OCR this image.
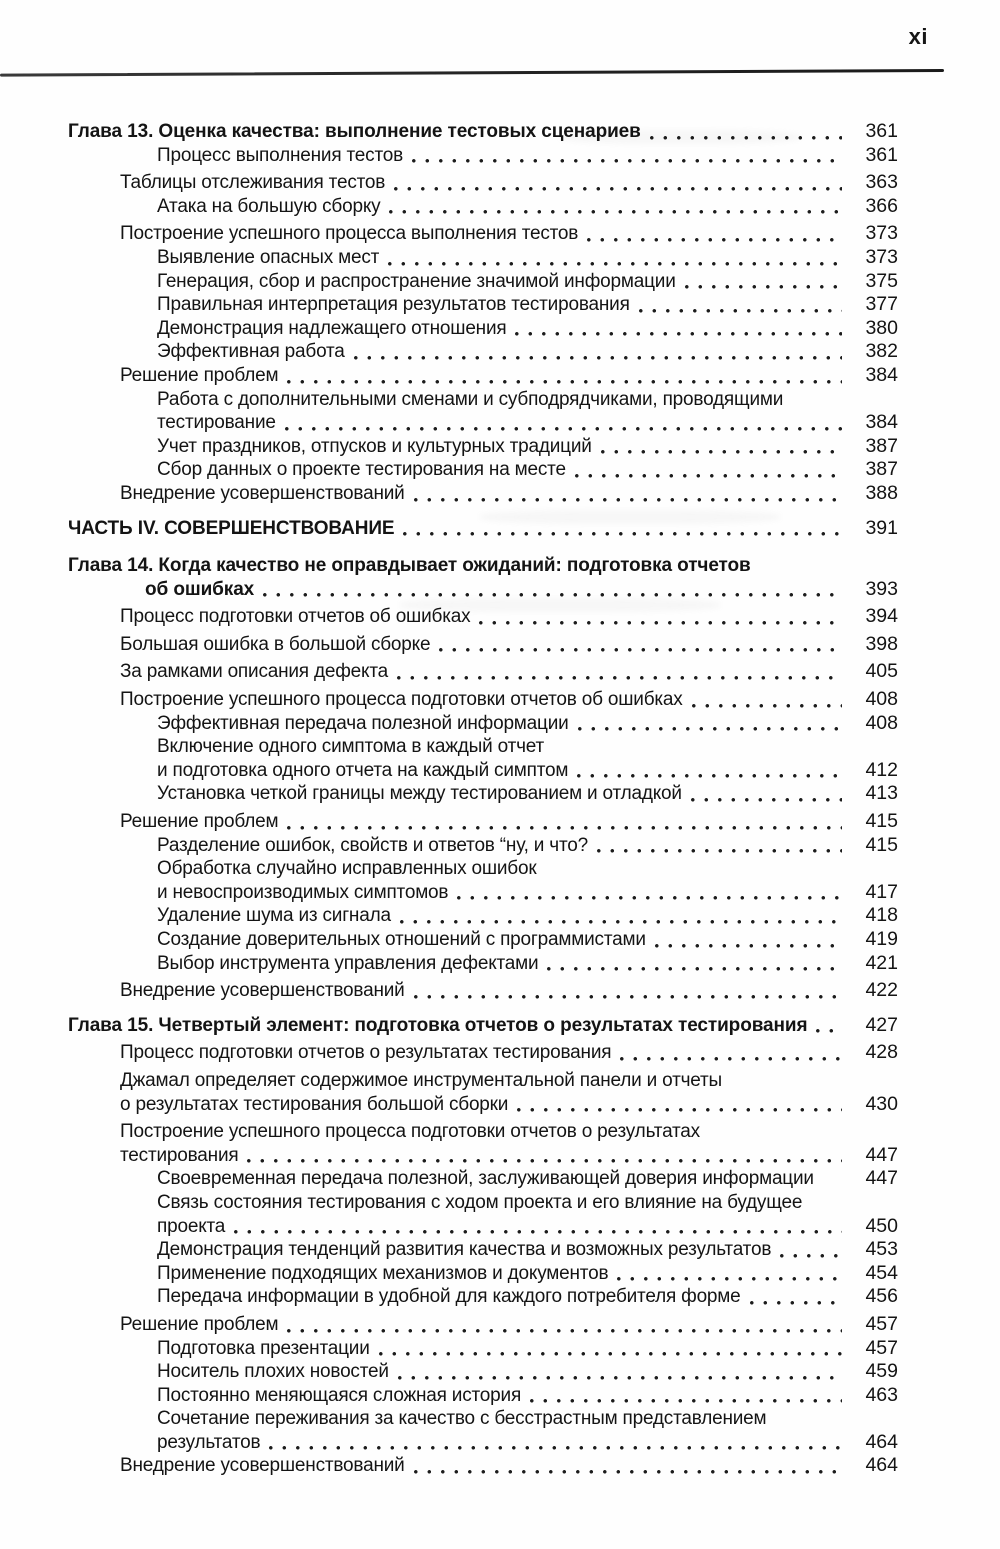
xi
Глава 13. Оценка качества: выполнение тестовых сценариев	361
Процесс выполнения тестов	361
Таблицы отслеживания тестов	363
Атака на большую сборку	366
Построение успешного процесса выполнения тестов	373
Выявление опасных мест	373
Генерация, сбор и распространение значимой информации	375
Правильная интерпретация результатов тестирования	377
Демонстрация надлежащего отношения	380
Эффективная работа	382
Решение проблем	384
Работа с дополнительными сменами и субподрядчиками, проводящими
тестирование	384
Учет праздников, отпусков и культурных традиций	387
Сбор данных о проекте тестирования на месте	387
Внедрение усовершенствований	388
ЧАСТЬ IV. СОВЕРШЕНСТВОВАНИЕ	391
Глава 14. Когда качество не оправдывает ожиданий: подготовка отчетов
об ошибках	393
Процесс подготовки отчетов об ошибках	394
Большая ошибка в большой сборке	398
За рамками описания дефекта	405
Построение успешного процесса подготовки отчетов об ошибках	408
Эффективная передача полезной информации	408
Включение одного симптома в каждый отчет
и подготовка одного отчета на каждый симптом	412
Установка четкой границы между тестированием и отладкой	413
Решение проблем	415
Разделение ошибок, свойств и ответов “ну, и что?	415
Обработка случайно исправленных ошибок
и невоспроизводимых симптомов	417
Удаление шума из сигнала	418
Создание доверительных отношений с программистами	419
Выбор инструмента управления дефектами	421
Внедрение усовершенствований	422
Глава 15. Четвертый элемент: подготовка отчетов о результатах тестирования	427
Процесс подготовки отчетов о результатах тестирования	428
Джамал определяет содержимое инструментальной панели и отчеты
о результатах тестирования большой сборки	430
Построение успешного процесса подготовки отчетов о результатах
тестирования	447
Своевременная передача полезной, заслуживающей доверия информации	447
Связь состояния тестирования с ходом проекта и его влияние на будущее
проекта	450
Демонстрация тенденций развития качества и возможных результатов	453
Применение подходящих механизмов и документов	454
Передача информации в удобной для каждого потребителя форме	456
Решение проблем	457
Подготовка презентации	457
Носитель плохих новостей	459
Постоянно меняющаяся сложная история	463
Сочетание переживания за качество с бесстрастным представлением
результатов	464
Внедрение усовершенствований	464
